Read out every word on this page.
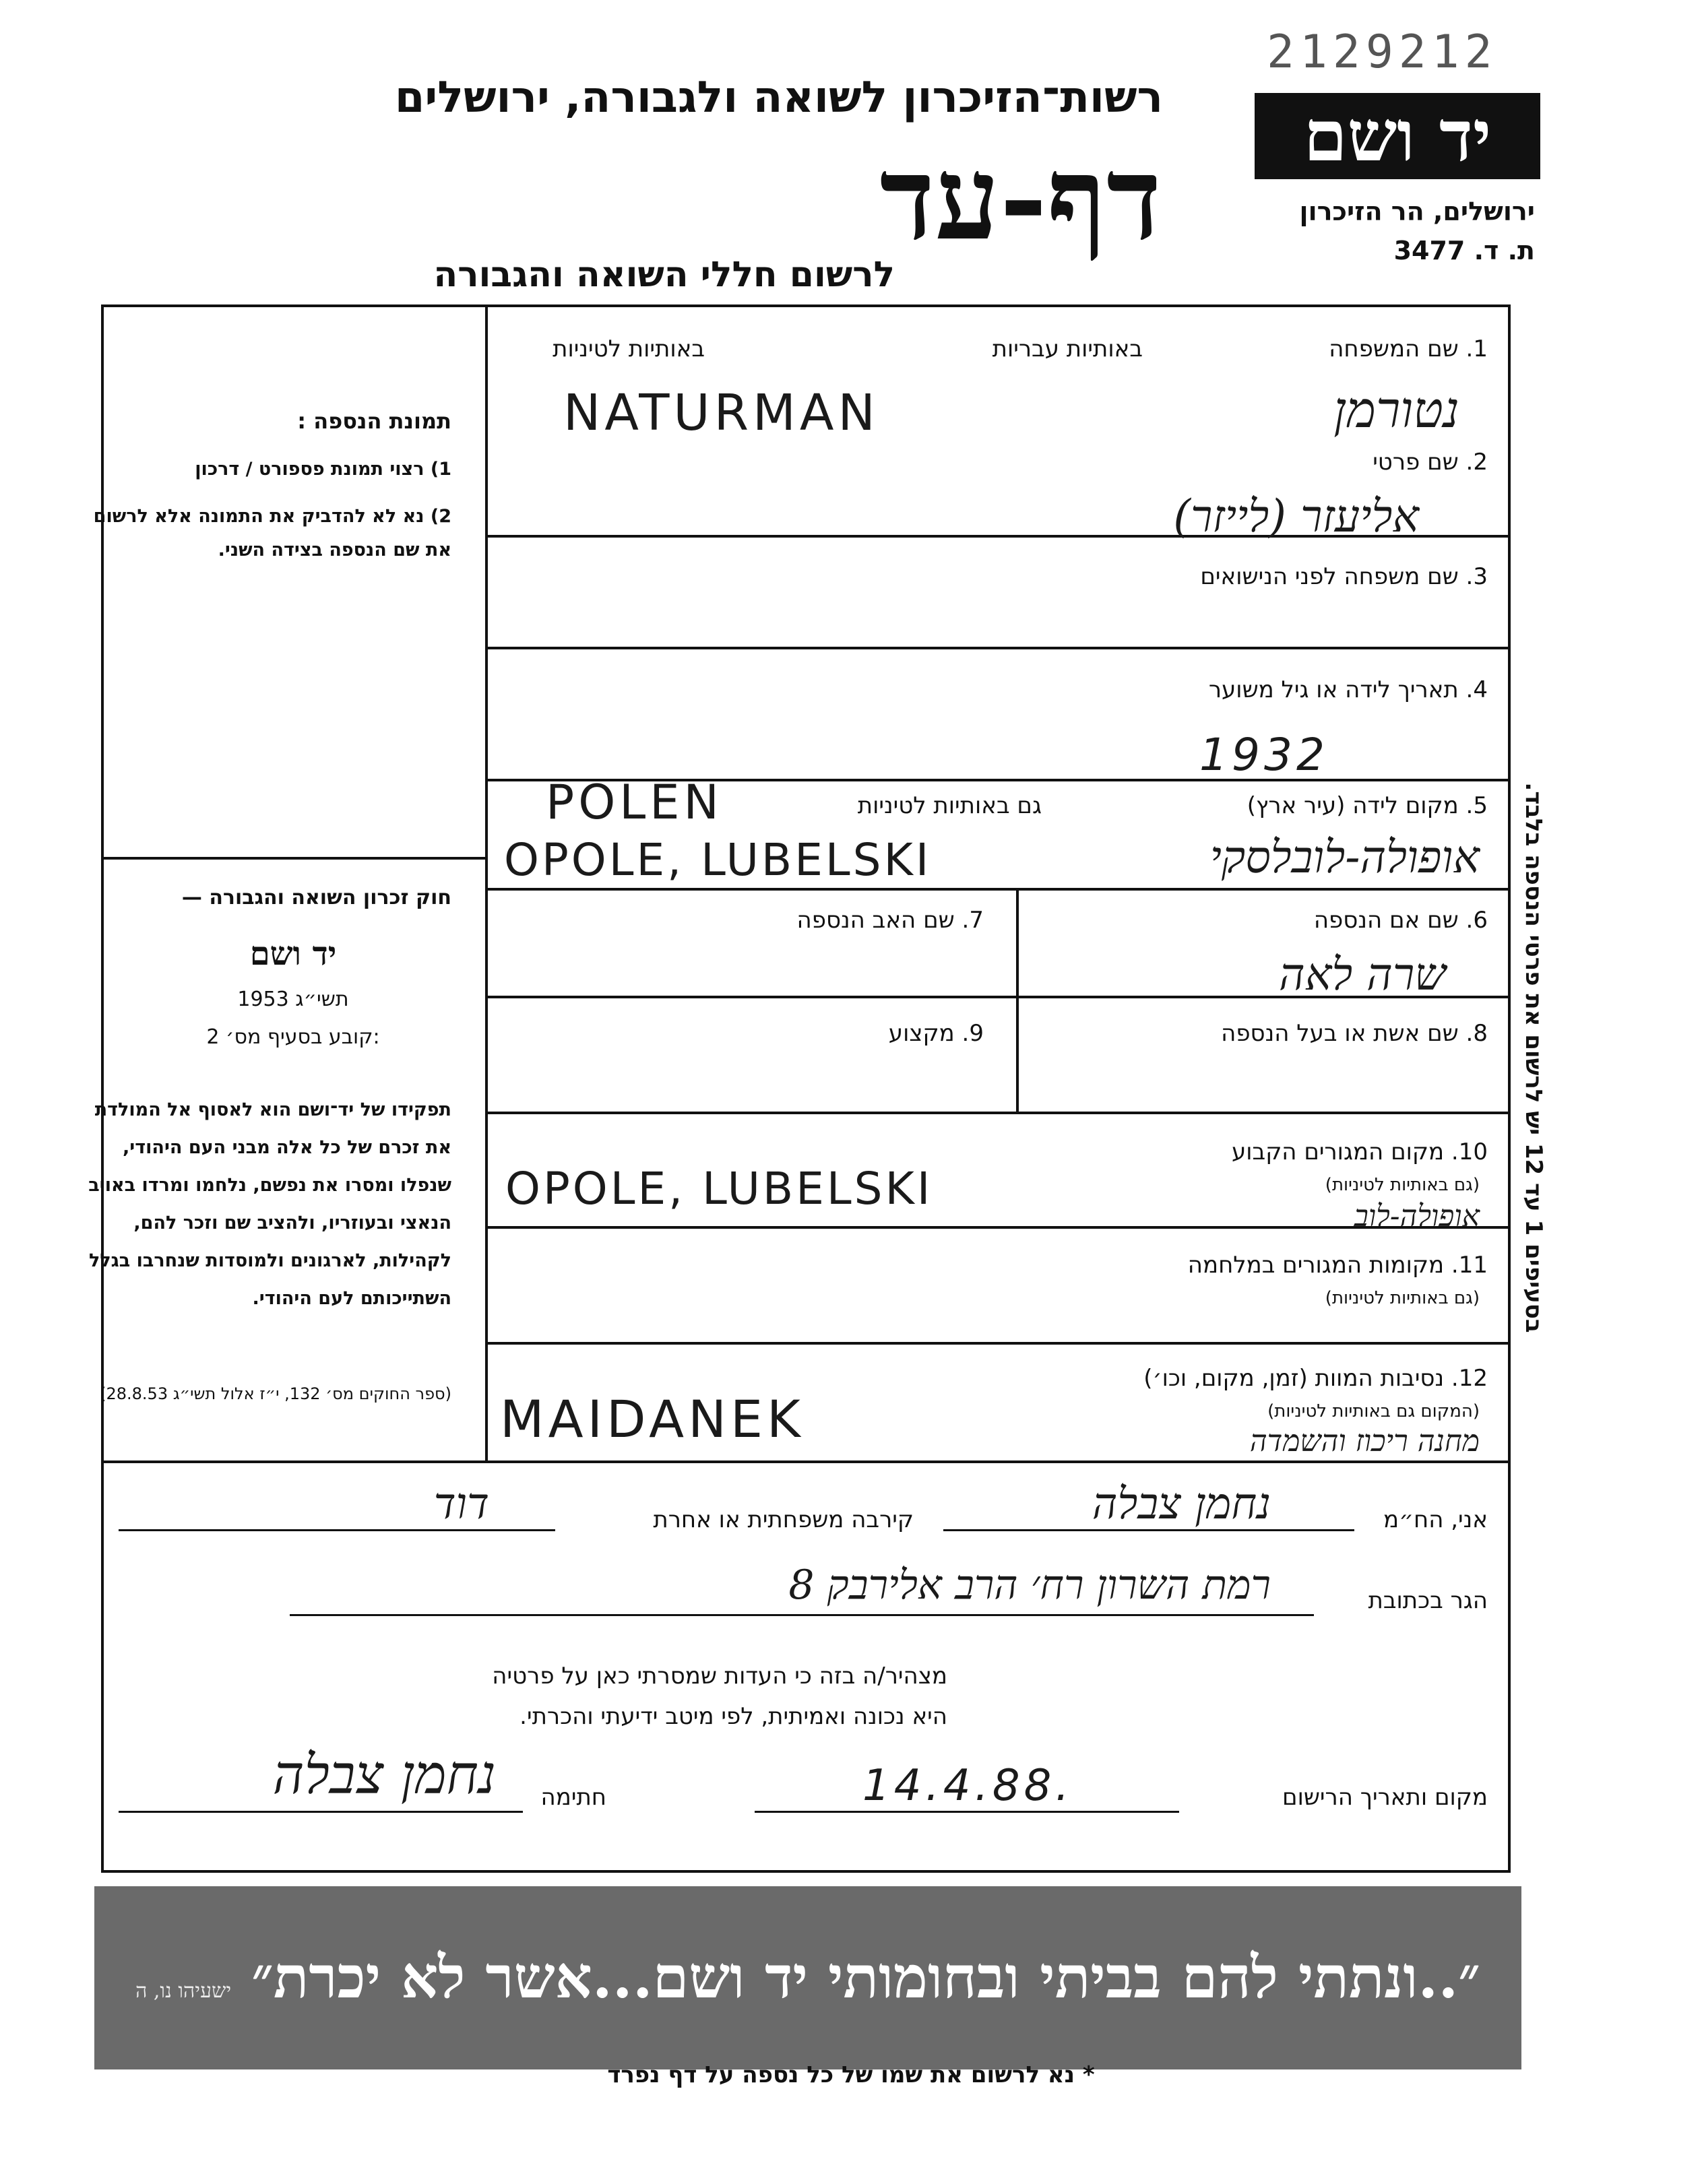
2129212
יד ושם
ירושלים, הר הזיכרון
ת. ד. 3477
רשות־הזיכרון לשואה ולגבורה, ירושלים
דף-עד
לרשום חללי השואה והגבורה
תמונת הנספה :
1) רצוי תמונת פספורט / דרכון
2) נא לא להדביק את התמונה אלא לרשום את שם הנספה בצידה השני.
חוק זכרון השואה והגבורה —
יד ושם
תשי״ג 1953
קובע בסעיף מס׳ 2:
תפקידו של יד־ושם הוא לאסוף אל המולדת את זכרם של כל אלה מבני העם היהודי, שנפלו ומסרו את נפשם, נלחמו ומרדו באויב הנאצי ובעוזריו, ולהציב שם וזכר להם, לקהילות, לארגונים ולמוסדות שנחרבו בגלל השתייכותם לעם היהודי.
(ספר החוקים מס׳ 132, י״ז אלול תשי״ג 28.8.53)
1. שם המשפחה
באותיות עבריות
באותיות לטיניות
NATURMAN	נטורמן
2. שם פרטי
אליעזר (לייזר)
3. שם משפחה לפני הנישואים
4. תאריך לידה או גיל משוער
1932
5. מקום לידה (עיר ארץ)
גם באותיות לטיניות
POLEN
OPOLE, LUBELSKI	אופולה-לובלסקי
6. שם אם הנספה
שרה לאה
7. שם האב הנספה
8. שם אשת או בעל הנספה
9. מקצוע
10. מקום המגורים הקבוע
(גם באותיות לטיניות)
OPOLE, LUBELSKI
אופולה-לוב
11. מקומות המגורים במלחמה
(גם באותיות לטיניות)
12. נסיבות המוות (זמן, מקום, וכו׳)
(המקום גם באותיות לטיניות)
MAIDANEK	מחנה ריכוז והשמדה
אני, הח״מ
נחמן צבלה
קירבה משפחתית או אחרת
דוד
הגר בכתובת
רמת השרון רח׳ הרב אלירבק 8
מצהיר/ה בזה כי העדות שמסרתי כאן על פרטיה
היא נכונה ואמיתית, לפי מיטב ידיעתי והכרתי.
מקום ותאריך הרישום
14.4.88.
חתימה
נחמן צבלה
בסעיפים 1 עד 12 יש לרשום את פרטי הנספה בלבד.
״..ונתתי להם בביתי ובחומותי יד ושם...אשר לא יכרת״ ישעיהו נו, ה
* נא לרשום את שמו של כל נספה על דף נפרד
